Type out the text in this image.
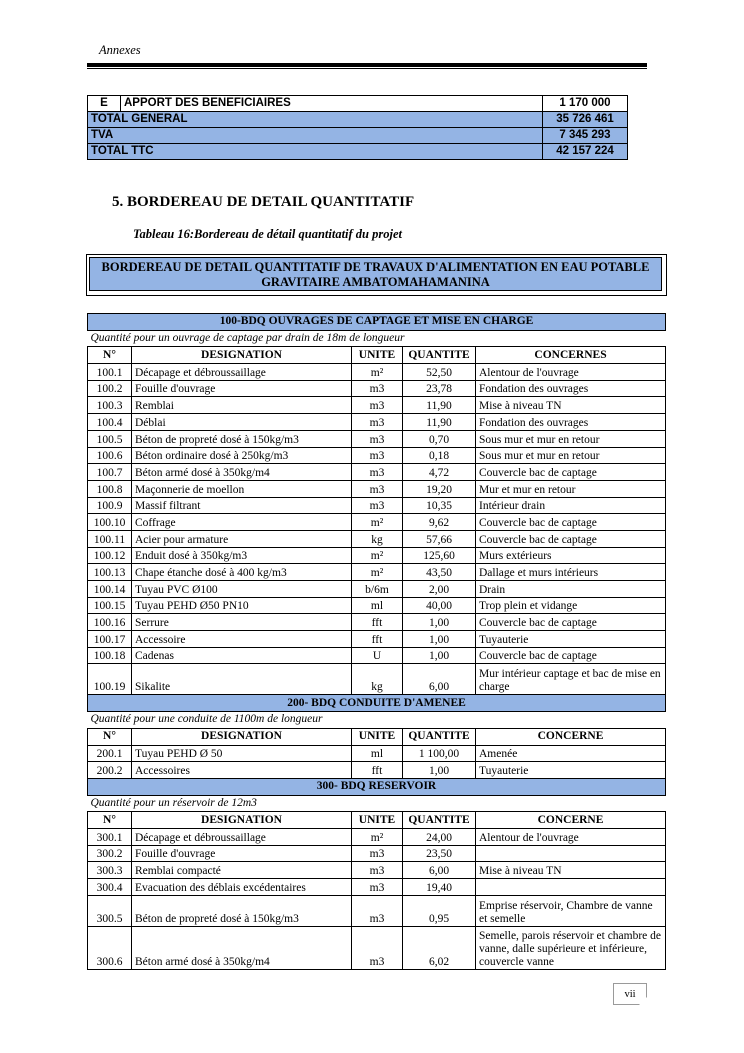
Annexes
E	APPORT DES BENEFICIAIRES	1 170 000
TOTAL GENERAL		35 726 461
TVA		7 345 293
TOTAL TTC		42 157 224
5. BORDEREAU DE DETAIL QUANTITATIF
Tableau 16:Bordereau de détail quantitatif du projet
BORDEREAU DE DETAIL QUANTITATIF DE TRAVAUX D'ALIMENTATION EN EAU POTABLE
GRAVITAIRE AMBATOMAHAMANINA
100-BDQ OUVRAGES DE CAPTAGE ET MISE EN CHARGE				
Quantité pour un ouvrage de captage par drain de 18m de longueur				
N°	DESIGNATION	UNITE	QUANTITE	CONCERNES
100.1	Décapage et débroussaillage	m²	52,50	Alentour de l'ouvrage
100.2	Fouille d'ouvrage	m3	23,78	Fondation des ouvrages
100.3	Remblai	m3	11,90	Mise à niveau TN
100.4	Déblai	m3	11,90	Fondation des ouvrages
100.5	Béton de propreté dosé à 150kg/m3	m3	0,70	Sous mur et mur en retour
100.6	Béton ordinaire dosé à 250kg/m3	m3	0,18	Sous mur et mur en retour
100.7	Béton armé dosé à 350kg/m4	m3	4,72	Couvercle bac de captage
100.8	Maçonnerie de moellon	m3	19,20	Mur et mur en retour
100.9	Massif filtrant	m3	10,35	Intérieur drain
100.10	Coffrage	m²	9,62	Couvercle bac de captage
100.11	Acier pour armature	kg	57,66	Couvercle bac de captage
100.12	Enduit dosé à 350kg/m3	m²	125,60	Murs extérieurs
100.13	Chape étanche dosé à 400 kg/m3	m²	43,50	Dallage et murs intérieurs
100.14	Tuyau PVC Ø100	b/6m	2,00	Drain
100.15	Tuyau PEHD Ø50 PN10	ml	40,00	Trop plein et vidange
100.16	Serrure	fft	1,00	Couvercle bac de captage
100.17	Accessoire	fft	1,00	Tuyauterie
100.18	Cadenas	U	1,00	Couvercle bac de captage
100.19	Sikalite	kg	6,00	Mur intérieur captage et bac de mise en charge
200- BDQ CONDUITE D'AMENEE				
Quantité pour une conduite de 1100m de longueur				
N°	DESIGNATION	UNITE	QUANTITE	CONCERNE
200.1	Tuyau PEHD Ø 50	ml	1 100,00	Amenée
200.2	Accessoires	fft	1,00	Tuyauterie
300- BDQ RESERVOIR				
Quantité pour un réservoir de 12m3				
N°	DESIGNATION	UNITE	QUANTITE	CONCERNE
300.1	Décapage et débroussaillage	m²	24,00	Alentour de l'ouvrage
300.2	Fouille d'ouvrage	m3	23,50	
300.3	Remblai compacté	m3	6,00	Mise à niveau TN
300.4	Evacuation des déblais excédentaires	m3	19,40	
300.5	Béton de propreté dosé à 150kg/m3	m3	0,95	Emprise réservoir, Chambre de vanne et semelle
300.6	Béton armé dosé à 350kg/m4	m3	6,02	Semelle, parois réservoir et chambre de vanne, dalle supérieure et inférieure, couvercle vanne
vii
